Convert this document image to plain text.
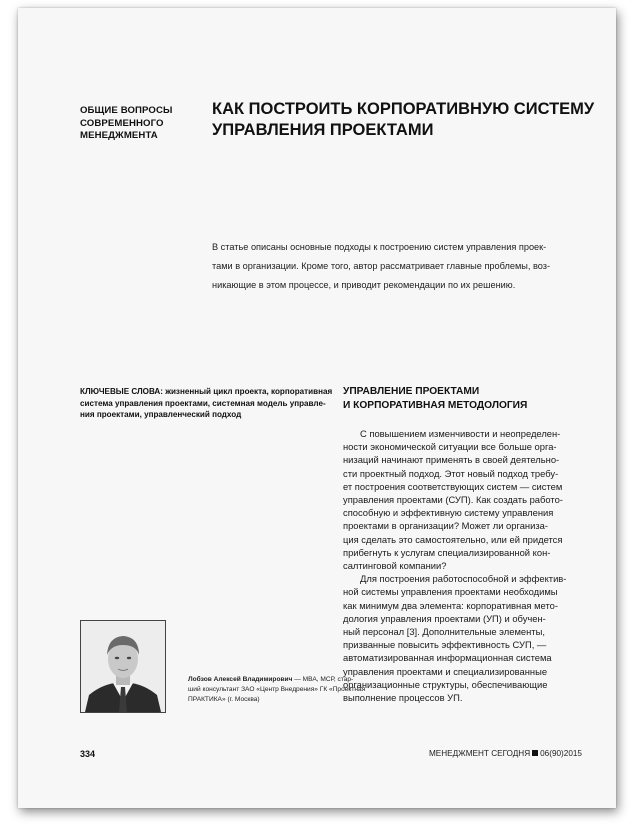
ОБЩИЕ ВОПРОСЫ
СОВРЕМЕННОГО
МЕНЕДЖМЕНТА
КАК ПОСТРОИТЬ КОРПОРАТИВНУЮ СИСТЕМУ
УПРАВЛЕНИЯ ПРОЕКТАМИ
В статье описаны основные подходы к построению систем управления проек-
тами в организации. Кроме того, автор рассматривает главные проблемы, воз-
никающие в этом процессе, и приводит рекомендации по их решению.
КЛЮЧЕВЫЕ СЛОВА: жизненный цикл проекта, корпоративная
система управления проектами, системная модель управле-
ния проектами, управленческий подход
УПРАВЛЕНИЕ ПРОЕКТАМИ
И КОРПОРАТИВНАЯ МЕТОДОЛОГИЯ
С повышением изменчивости и неопределен-
ности экономической ситуации все больше орга-
низаций начинают применять в своей деятельно-
сти проектный подход. Этот новый подход требу-
ет построения соответствующих систем — систем
управления проектами (СУП). Как создать работо-
способную и эффективную систему управления
проектами в организации? Может ли организа-
ция сделать это самостоятельно, или ей придется
прибегнуть к услугам специализированной кон-
салтинговой компании?
Для построения работоспособной и эффектив-
ной системы управления проектами необходимы
как минимум два элемента: корпоративная мето-
дология управления проектами (УП) и обучен-
ный персонал [3]. Дополнительные элементы,
призванные повысить эффективность СУП, —
автоматизированная информационная система
управления проектами и специализированные
организационные структуры, обеспечивающие
выполнение процессов УП.
Лобзов Алексей Владимирович — МВА, МСР, стар-
ший консультант ЗАО «Центр Внедрения» ГК «Проектная
ПРАКТИКА» (г. Москва)
334	МЕНЕДЖМЕНТ СЕГОДНЯ 06(90)2015
